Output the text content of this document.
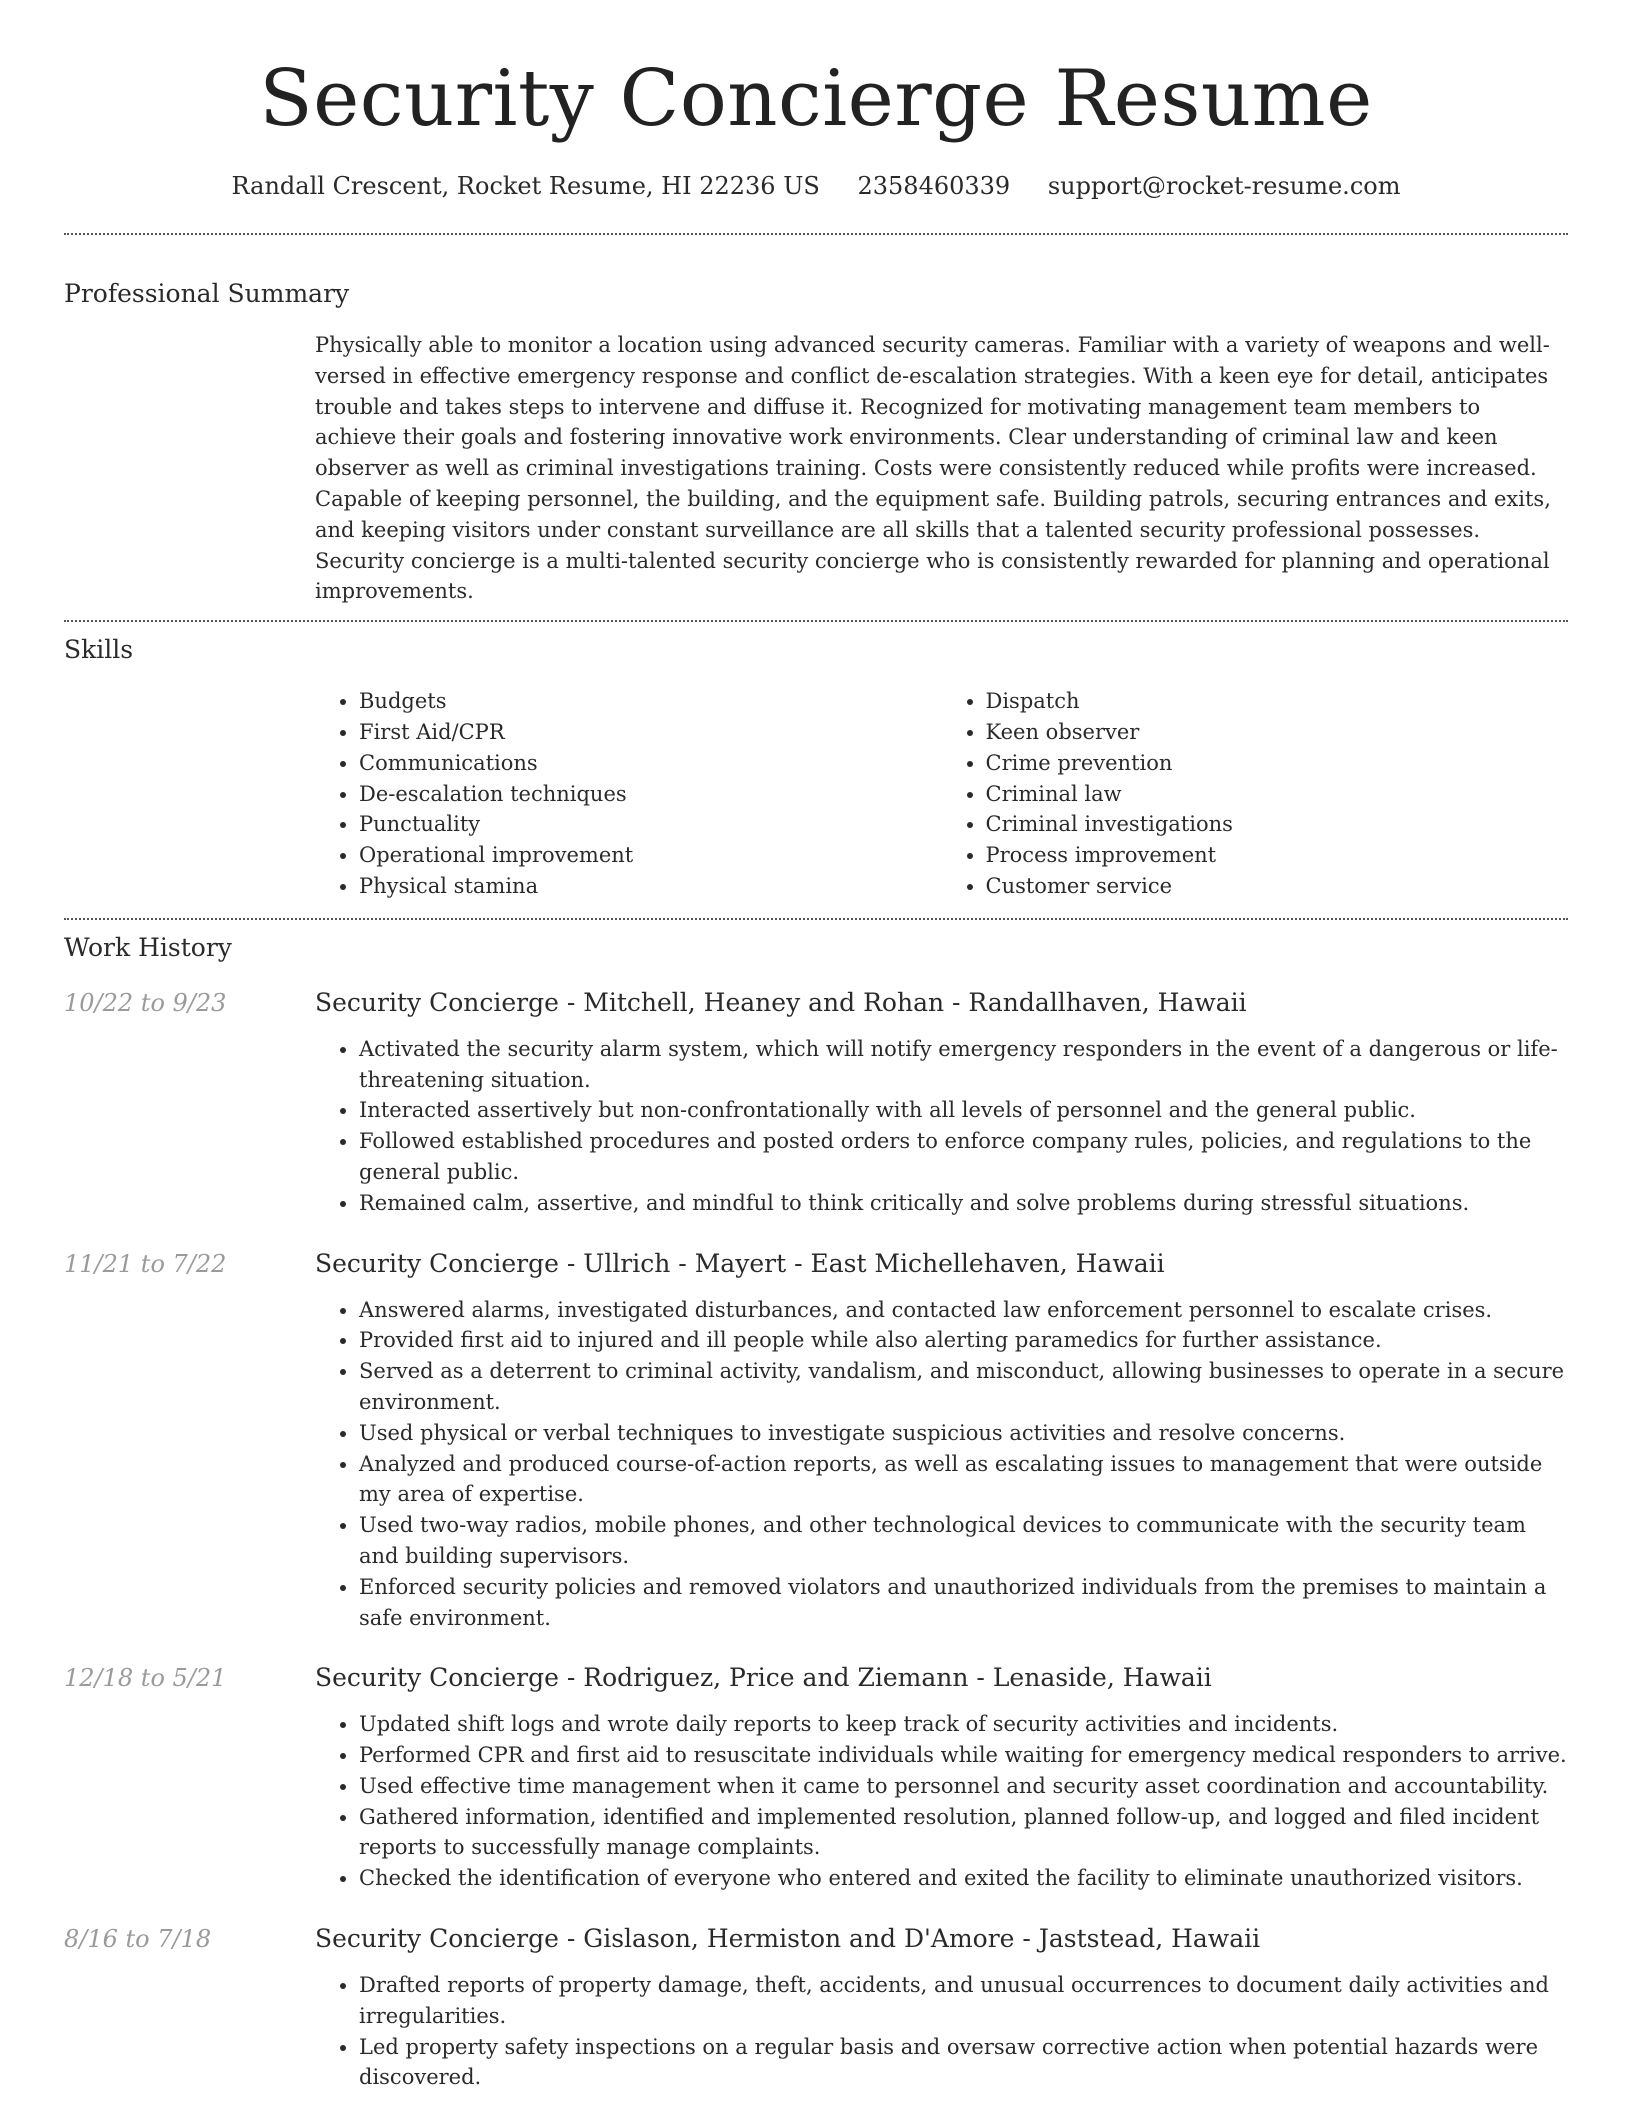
Security Concierge Resume
Randall Crescent, Rocket Resume, HI 22236 US 2358460339 support@rocket-resume.com
Professional Summary
Physically able to monitor a location using advanced security cameras. Familiar with a variety of weapons and well-versed in effective emergency response and conflict de-escalation strategies. With a keen eye for detail, anticipates trouble and takes steps to intervene and diffuse it. Recognized for motivating management team members to achieve their goals and fostering innovative work environments. Clear understanding of criminal law and keen observer as well as criminal investigations training. Costs were consistently reduced while profits were increased. Capable of keeping personnel, the building, and the equipment safe. Building patrols, securing entrances and exits, and keeping visitors under constant surveillance are all skills that a talented security professional possesses. Security concierge is a multi-talented security concierge who is consistently rewarded for planning and operational improvements.
Skills
• Budgets
• First Aid/CPR
• Communications
• De-escalation techniques
• Punctuality
• Operational improvement
• Physical stamina
• Dispatch
• Keen observer
• Crime prevention
• Criminal law
• Criminal investigations
• Process improvement
• Customer service
Work History
10/22 to 9/23	Security Concierge - Mitchell, Heaney and Rohan - Randallhaven, Hawaii
• Activated the security alarm system, which will notify emergency responders in the event of a dangerous or life-threatening situation.
• Interacted assertively but non-confrontationally with all levels of personnel and the general public.
• Followed established procedures and posted orders to enforce company rules, policies, and regulations to the general public.
• Remained calm, assertive, and mindful to think critically and solve problems during stressful situations.
11/21 to 7/22	Security Concierge - Ullrich - Mayert - East Michellehaven, Hawaii
• Answered alarms, investigated disturbances, and contacted law enforcement personnel to escalate crises.
• Provided first aid to injured and ill people while also alerting paramedics for further assistance.
• Served as a deterrent to criminal activity, vandalism, and misconduct, allowing businesses to operate in a secure environment.
• Used physical or verbal techniques to investigate suspicious activities and resolve concerns.
• Analyzed and produced course-of-action reports, as well as escalating issues to management that were outside my area of expertise.
• Used two-way radios, mobile phones, and other technological devices to communicate with the security team and building supervisors.
• Enforced security policies and removed violators and unauthorized individuals from the premises to maintain a safe environment.
12/18 to 5/21	Security Concierge - Rodriguez, Price and Ziemann - Lenaside, Hawaii
• Updated shift logs and wrote daily reports to keep track of security activities and incidents.
• Performed CPR and first aid to resuscitate individuals while waiting for emergency medical responders to arrive.
• Used effective time management when it came to personnel and security asset coordination and accountability.
• Gathered information, identified and implemented resolution, planned follow-up, and logged and filed incident reports to successfully manage complaints.
• Checked the identification of everyone who entered and exited the facility to eliminate unauthorized visitors.
8/16 to 7/18	Security Concierge - Gislason, Hermiston and D'Amore - Jaststead, Hawaii
• Drafted reports of property damage, theft, accidents, and unusual occurrences to document daily activities and irregularities.
• Led property safety inspections on a regular basis and oversaw corrective action when potential hazards were discovered.
